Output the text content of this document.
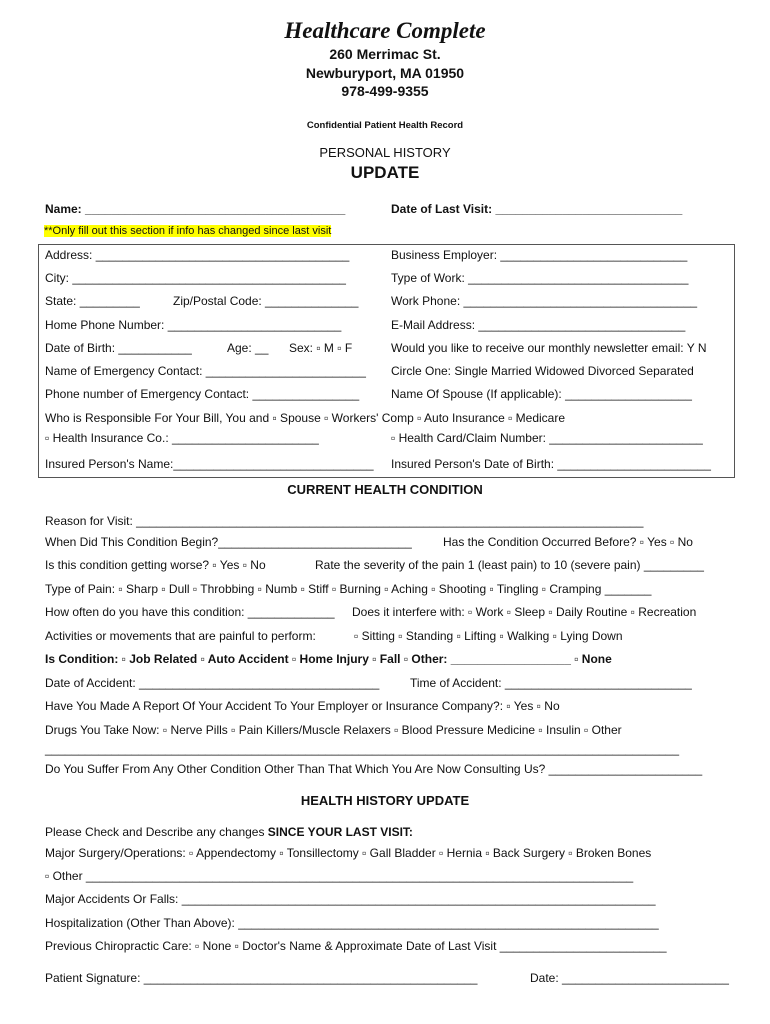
Healthcare Complete
260 Merrimac St.
Newburyport, MA 01950
978-499-9355
Confidential Patient Health Record
PERSONAL HISTORY
UPDATE
Name: _______________________________________	Date of Last Visit: ____________________________
**Only fill out this section if info has changed since last visit
Address: ______________________________________	Business Employer: ____________________________
City: _________________________________________	Type of Work: _________________________________
State: _________	Zip/Postal Code: ______________	Work Phone: ___________________________________
Home Phone Number: __________________________	E-Mail Address: _______________________________
Date of Birth: ___________	Age: __ Sex: ▫ M ▫ F	Would you like to receive our monthly newsletter email: Y N
Name of Emergency Contact: ________________________ Circle One: Single Married Widowed Divorced Separated
Phone number of Emergency Contact: ________________	Name Of Spouse (If applicable): ___________________
Who is Responsible For Your Bill, You and ▫ Spouse ▫ Workers' Comp ▫ Auto Insurance ▫ Medicare
▫ Health Insurance Co.: ______________________	▫ Health Card/Claim Number: _______________________
Insured Person's Name:______________________________ Insured Person's Date of Birth: _______________________
CURRENT HEALTH CONDITION
Reason for Visit: ____________________________________________________________________________
When Did This Condition Begin?_____________________________	Has the Condition Occurred Before? ▫ Yes ▫ No
Is this condition getting worse? ▫ Yes ▫ No	Rate the severity of the pain 1 (least pain) to 10 (severe pain) _________
Type of Pain: ▫ Sharp ▫ Dull ▫ Throbbing ▫ Numb ▫ Stiff ▫ Burning ▫ Aching ▫ Shooting ▫ Tingling ▫ Cramping _______
How often do you have this condition: _____________ Does it interfere with: ▫ Work ▫ Sleep ▫ Daily Routine ▫ Recreation
Activities or movements that are painful to perform:	▫ Sitting ▫ Standing ▫ Lifting ▫ Walking ▫ Lying Down
Is Condition: ▫ Job Related ▫ Auto Accident ▫ Home Injury ▫ Fall ▫ Other: __________________ ▫ None
Date of Accident: ____________________________________	Time of Accident: ____________________________
Have You Made A Report Of Your Accident To Your Employer or Insurance Company?: ▫ Yes ▫ No
Drugs You Take Now: ▫ Nerve Pills ▫ Pain Killers/Muscle Relaxers ▫ Blood Pressure Medicine ▫ Insulin ▫ Other
_______________________________________________________________________________________________
Do You Suffer From Any Other Condition Other Than That Which You Are Now Consulting Us? _______________________
HEALTH HISTORY UPDATE
Please Check and Describe any changes SINCE YOUR LAST VISIT:
Major Surgery/Operations: ▫ Appendectomy ▫ Tonsillectomy ▫ Gall Bladder ▫ Hernia ▫ Back Surgery ▫ Broken Bones
▫ Other __________________________________________________________________________________
Major Accidents Or Falls: _______________________________________________________________________
Hospitalization (Other Than Above): _______________________________________________________________
Previous Chiropractic Care: ▫ None ▫ Doctor's Name & Approximate Date of Last Visit _________________________
Patient Signature: __________________________________________________	Date: _________________________
